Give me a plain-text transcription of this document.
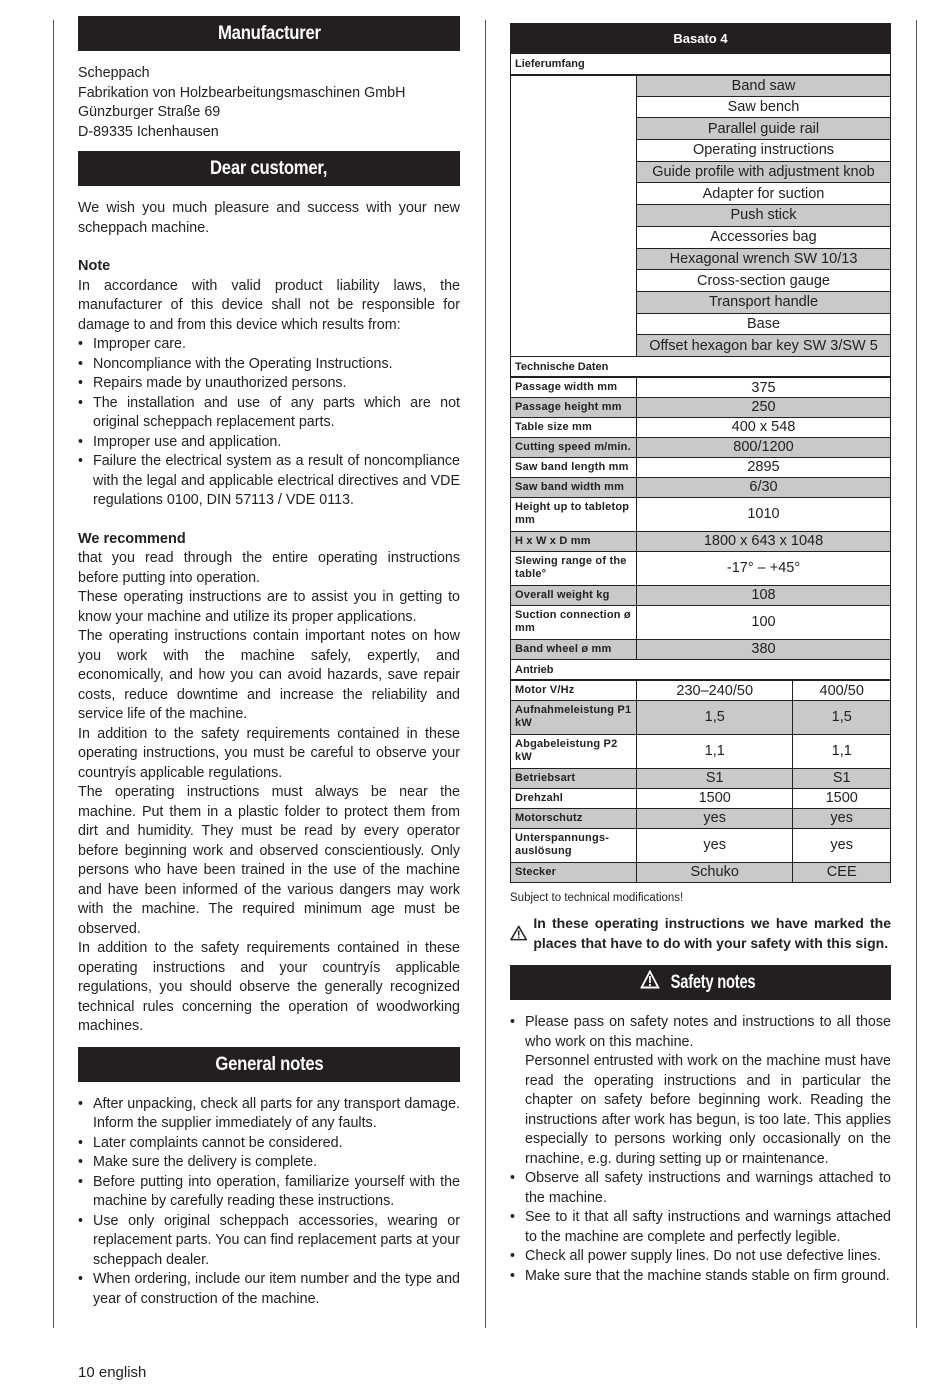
Manufacturer

Scheppach

Fabrikation von Holzbearbeitungsmaschinen GmbH

Günzburger Straße 69

D-89335 Ichenhausen

Dear customer,

We wish you much pleasure and success with your new scheppach machine.

Note

In accordance with valid product liability laws, the manufacturer of this device shall not be responsible for damage to and from this device which results from:

• Improper care.
• Noncompliance with the Operating Instructions.
• Repairs made by unauthorized persons.
• The installation and use of any parts which are not original scheppach replacement parts.
• Improper use and application.
• Failure the electrical system as a result of noncompliance with the legal and applicable electrical directives and VDE regulations 0100, DIN 57113 / VDE 0113.
We recommend

that you read through the entire operating instructions before putting into operation.

These operating instructions are to assist you in getting to know your machine and utilize its proper applications.

The operating instructions contain important notes on how you work with the machine safely, expertly, and economically, and how you can avoid hazards, save repair costs, reduce downtime and increase the reliability and service life of the machine.

In addition to the safety requirements contained in these operating instructions, you must be careful to observe your countryís applicable regulations.

The operating instructions must always be near the machine. Put them in a plastic folder to protect them from dirt and humidity. They must be read by every operator before beginning work and observed conscientiously. Only persons who have been trained in the use of the machine and have been informed of the various dangers may work with the machine. The required minimum age must be observed.

In addition to the safety requirements contained in these operating instructions and your countryís applicable regulations, you should observe the generally recognized technical rules concerning the operation of woodworking machines.

General notes
• After unpacking, check all parts for any transport damage. Inform the supplier immediately of any faults.
• Later complaints cannot be considered.
• Make sure the delivery is complete.
• Before putting into operation, familiarize yourself with the machine by carefully reading these instructions.
• Use only original scheppach accessories, wearing or replacement parts. You can find replacement parts at your scheppach dealer.
• When ordering, include our item number and the type and year of construction of the machine.
Basato 4		
Lieferumfang		
	Band saw	
	Saw bench	
	Parallel guide rail	
	Operating instructions	
	Guide profile with adjustment knob	
	Adapter for suction	
	Push stick	
	Accessories bag	
	Hexagonal wrench SW 10/13	
	Cross-section gauge	
	Transport handle	
	Base	
	Offset hexagon bar key SW 3/SW 5	
Technische Daten		
Passage width mm	375	
Passage height mm	250	
Table size mm	400 x 548	
Cutting speed m/min.	800/1200	
Saw band length mm	2895	
Saw band width mm	6/30	
Height up to tabletop mm	1010	
H x W x D mm	1800 x 643 x 1048	
Slewing range of the table°	-17° – +45°	
Overall weight kg	108	
Suction connection ø mm	100	
Band wheel ø mm	380	
Antrieb		
Motor V/Hz	230–240/50	400/50
Aufnahmeleistung P1 kW	1,5	1,5
Abgabeleistung P2 kW	1,1	1,1
Betriebsart	S1	S1
Drehzahl	1500	1500
Motorschutz	yes	yes
Unterspannungs-auslösung	yes	yes
Stecker	Schuko	CEE

Subject to technical modifications!

In these operating instructions we have marked the places that have to do with your safety with this sign.

Safety notes

• Please pass on safety notes and instructions to all those who work on this machine.

Personnel entrusted with work on the machine must have read the operating instructions and in particular the chapter on safety before beginning work. Reading the instructions after work has begun, is too late. This applies especially to persons working only occasionally on the rnachine, e.g. during setting up or rnaintenance.

• Observe all safety instructions and warnings attached to the machine.

• See to it that all safty instructions and warnings attached to the machine are complete and perfectly legible.

• Check all power supply lines. Do not use defective lines.

• Make sure that the machine stands stable on firm ground.

10 english
